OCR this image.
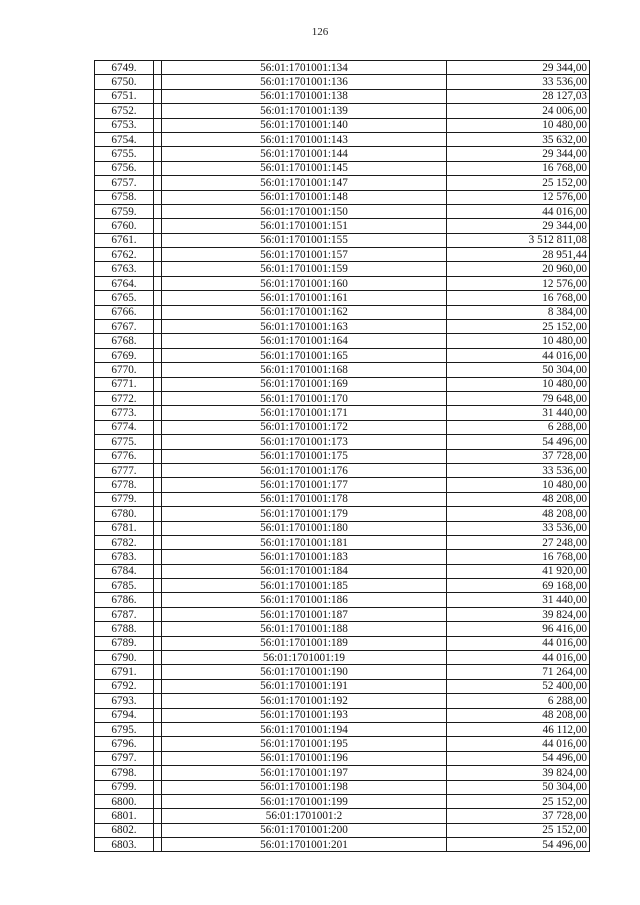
126
6749.		56:01:1701001:134	29 344,00
6750.		56:01:1701001:136	33 536,00
6751.		56:01:1701001:138	28 127,03
6752.		56:01:1701001:139	24 006,00
6753.		56:01:1701001:140	10 480,00
6754.		56:01:1701001:143	35 632,00
6755.		56:01:1701001:144	29 344,00
6756.		56:01:1701001:145	16 768,00
6757.		56:01:1701001:147	25 152,00
6758.		56:01:1701001:148	12 576,00
6759.		56:01:1701001:150	44 016,00
6760.		56:01:1701001:151	29 344,00
6761.		56:01:1701001:155	3 512 811,08
6762.		56:01:1701001:157	28 951,44
6763.		56:01:1701001:159	20 960,00
6764.		56:01:1701001:160	12 576,00
6765.		56:01:1701001:161	16 768,00
6766.		56:01:1701001:162	8 384,00
6767.		56:01:1701001:163	25 152,00
6768.		56:01:1701001:164	10 480,00
6769.		56:01:1701001:165	44 016,00
6770.		56:01:1701001:168	50 304,00
6771.		56:01:1701001:169	10 480,00
6772.		56:01:1701001:170	79 648,00
6773.		56:01:1701001:171	31 440,00
6774.		56:01:1701001:172	6 288,00
6775.		56:01:1701001:173	54 496,00
6776.		56:01:1701001:175	37 728,00
6777.		56:01:1701001:176	33 536,00
6778.		56:01:1701001:177	10 480,00
6779.		56:01:1701001:178	48 208,00
6780.		56:01:1701001:179	48 208,00
6781.		56:01:1701001:180	33 536,00
6782.		56:01:1701001:181	27 248,00
6783.		56:01:1701001:183	16 768,00
6784.		56:01:1701001:184	41 920,00
6785.		56:01:1701001:185	69 168,00
6786.		56:01:1701001:186	31 440,00
6787.		56:01:1701001:187	39 824,00
6788.		56:01:1701001:188	96 416,00
6789.		56:01:1701001:189	44 016,00
6790.		56:01:1701001:19	44 016,00
6791.		56:01:1701001:190	71 264,00
6792.		56:01:1701001:191	52 400,00
6793.		56:01:1701001:192	6 288,00
6794.		56:01:1701001:193	48 208,00
6795.		56:01:1701001:194	46 112,00
6796.		56:01:1701001:195	44 016,00
6797.		56:01:1701001:196	54 496,00
6798.		56:01:1701001:197	39 824,00
6799.		56:01:1701001:198	50 304,00
6800.		56:01:1701001:199	25 152,00
6801.		56:01:1701001:2	37 728,00
6802.		56:01:1701001:200	25 152,00
6803.		56:01:1701001:201	54 496,00
